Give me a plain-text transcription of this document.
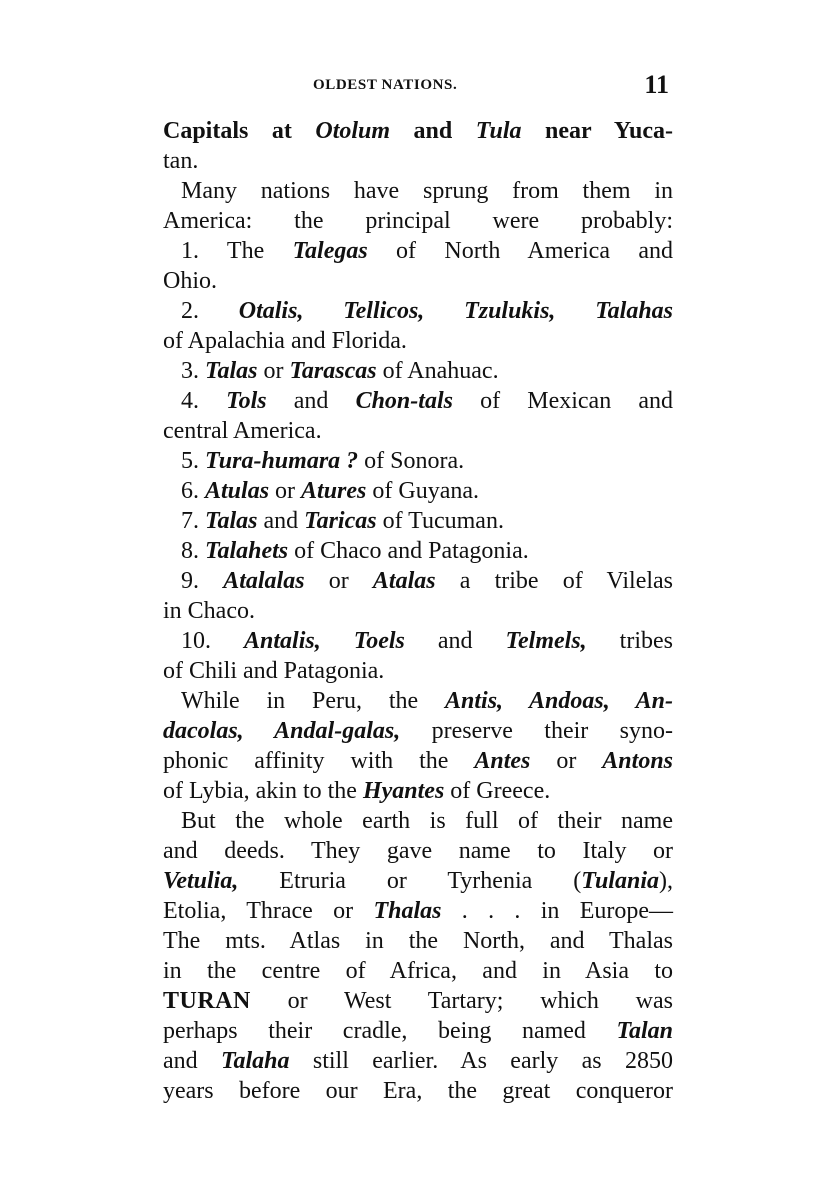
OLDEST NATIONS.	11
Capitals at Otolum and Tula near Yuca-
tan.
Many nations have sprung from them in
America: the principal were probably:
1. The Talegas of North America and
Ohio.
2. Otalis, Tellicos, Tzulukis, Talahas
of Apalachia and Florida.
3. Talas or Tarascas of Anahuac.
4. Tols and Chon-tals of Mexican and
central America.
5. Tura-humara ? of Sonora.
6. Atulas or Atures of Guyana.
7. Talas and Taricas of Tucuman.
8. Talahets of Chaco and Patagonia.
9. Atalalas or Atalas a tribe of Vilelas
in Chaco.
10. Antalis, Toels and Telmels, tribes
of Chili and Patagonia.
While in Peru, the Antis, Andoas, An-
dacolas, Andal-galas, preserve their syno-
phonic affinity with the Antes or Antons
of Lybia, akin to the Hyantes of Greece.
But the whole earth is full of their name
and deeds. They gave name to Italy or
Vetulia, Etruria or Tyrhenia (Tulania),
Etolia, Thrace or Thalas . . . in Europe—
The mts. Atlas in the North, and Thalas
in the centre of Africa, and in Asia to
TURAN or West Tartary; which was
perhaps their cradle, being named Talan
and Talaha still earlier. As early as 2850
years before our Era, the great conqueror
